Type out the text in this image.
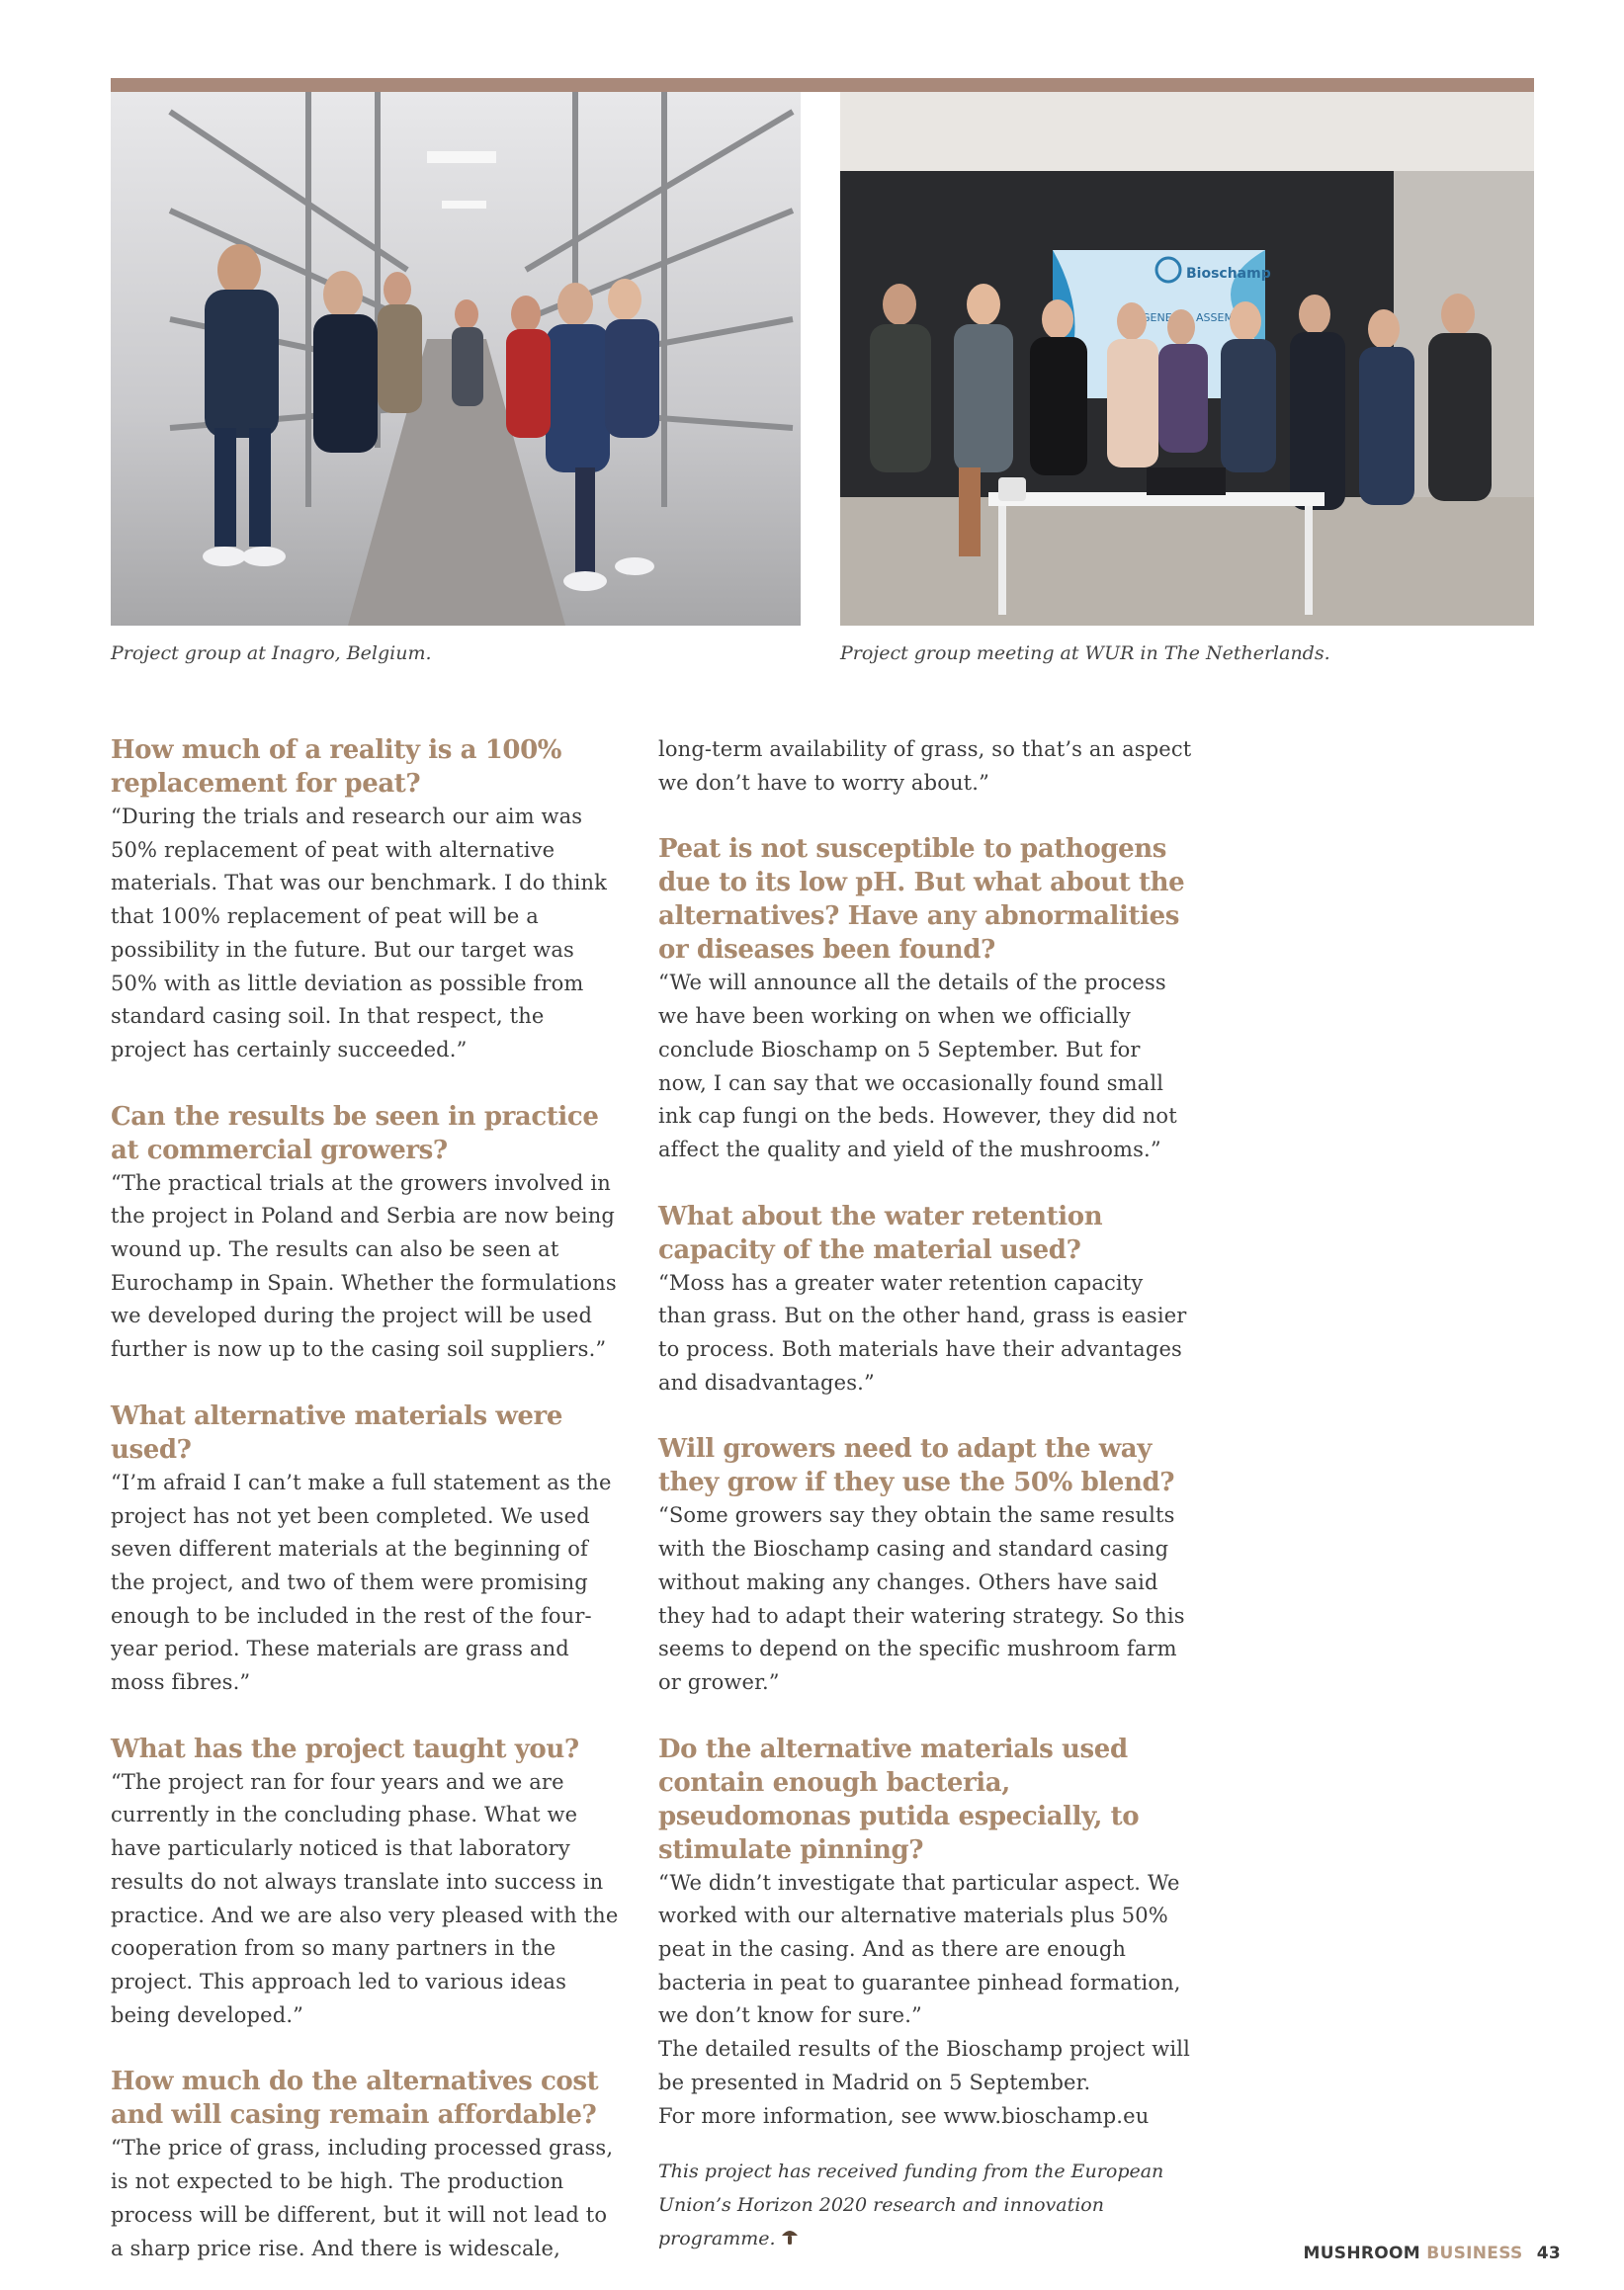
Bioschamp
GENERAL ASSEMB
Project group at Inagro, Belgium.	Project group meeting at WUR in The Netherlands.
How much of a reality is a 100% replacement for peat?

“During the trials and research our aim was 50% replacement of peat with alternative materials. That was our benchmark. I do think that 100% replacement of peat will be a possibility in the future. But our target was 50% with as little deviation as possible from standard casing soil. In that respect, the project has certainly succeeded.”

Can the results be seen in practice at commercial growers?

“The practical trials at the growers involved in the project in Poland and Serbia are now being wound up. The results can also be seen at Eurochamp in Spain. Whether the formulations we developed during the project will be used further is now up to the casing soil suppliers.”

What alternative materials were used?

“I’m afraid I can’t make a full statement as the project has not yet been completed. We used seven different materials at the beginning of the project, and two of them were promising enough to be included in the rest of the four-year period. These materials are grass and moss fibres.”

What has the project taught you?

“The project ran for four years and we are currently in the concluding phase. What we have particularly noticed is that laboratory results do not always translate into success in practice. And we are also very pleased with the cooperation from so many partners in the project. This approach led to various ideas being developed.”

How much do the alternatives cost and will casing remain affordable?

“The price of grass, including processed grass, is not expected to be high. The production process will be different, but it will not lead to a sharp price rise. And there is widescale,

long-term availability of grass, so that’s an aspect we don’t have to worry about.”

Peat is not susceptible to pathogens due to its low pH. But what about the alternatives? Have any abnormalities or diseases been found?

“We will announce all the details of the process we have been working on when we officially conclude Bioschamp on 5 September. But for now, I can say that we occasionally found small ink cap fungi on the beds. However, they did not affect the quality and yield of the mushrooms.”

What about the water retention capacity of the material used?

“Moss has a greater water retention capacity than grass. But on the other hand, grass is easier to process. Both materials have their advantages and disadvantages.”

Will growers need to adapt the way they grow if they use the 50% blend?

“Some growers say they obtain the same results with the Bioschamp casing and standard casing without making any changes. Others have said they had to adapt their watering strategy. So this seems to depend on the specific mushroom farm or grower.”

Do the alternative materials used contain enough bacteria, pseudomonas putida especially, to stimulate pinning?

“We didn’t investigate that particular aspect. We worked with our alternative materials plus 50% peat in the casing. And as there are enough bacteria in peat to guarantee pinhead formation, we don’t know for sure.”

The detailed results of the Bioschamp project will be presented in Madrid on 5 September.

For more information, see www.bioschamp.eu

This project has received funding from the European Union’s Horizon 2020 research and innovation programme.

MUSHROOM BUSINESS 43
